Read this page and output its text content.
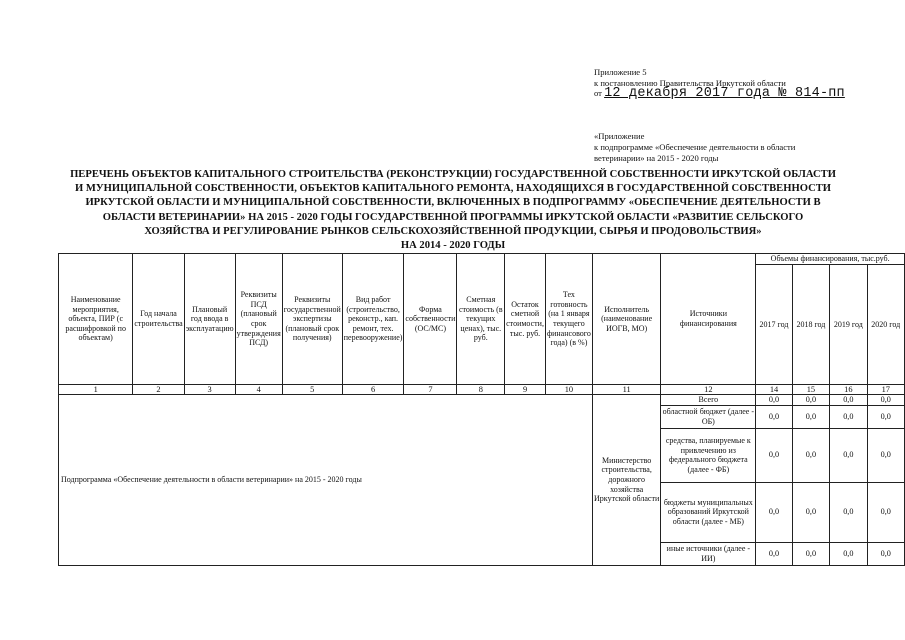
Приложение 5
к постановлению Правительства Иркутской области
от 12 декабря 2017 года № 814-пп
«Приложение
к подпрограмме «Обеспечение деятельности в области
ветеринарии» на 2015 - 2020 годы
ПЕРЕЧЕНЬ ОБЪЕКТОВ КАПИТАЛЬНОГО СТРОИТЕЛЬСТВА (РЕКОНСТРУКЦИИ) ГОСУДАРСТВЕННОЙ СОБСТВЕННОСТИ ИРКУТСКОЙ ОБЛАСТИ
И МУНИЦИПАЛЬНОЙ СОБСТВЕННОСТИ, ОБЪЕКТОВ КАПИТАЛЬНОГО РЕМОНТА, НАХОДЯЩИХСЯ В ГОСУДАРСТВЕННОЙ СОБСТВЕННОСТИ
ИРКУТСКОЙ ОБЛАСТИ И МУНИЦИПАЛЬНОЙ СОБСТВЕННОСТИ, ВКЛЮЧЕННЫХ В ПОДПРОГРАММУ «ОБЕСПЕЧЕНИЕ ДЕЯТЕЛЬНОСТИ В
ОБЛАСТИ ВЕТЕРИНАРИИ» НА 2015 - 2020 ГОДЫ ГОСУДАРСТВЕННОЙ ПРОГРАММЫ ИРКУТСКОЙ ОБЛАСТИ «РАЗВИТИЕ СЕЛЬСКОГО
ХОЗЯЙСТВА И РЕГУЛИРОВАНИЕ РЫНКОВ СЕЛЬСКОХОЗЯЙСТВЕННОЙ ПРОДУКЦИИ, СЫРЬЯ И ПРОДОВОЛЬСТВИЯ»
НА 2014 - 2020 ГОДЫ
Наименование мероприятия, объекта, ПИР (с расшифровкой по объектам)	Год начала строительства	Плановый год ввода в эксплуатацию	Реквизиты ПСД (плановый срок утверждения ПСД)	Реквизиты государственной экспертизы (плановый срок получения)	Вид работ (строительство, реконстр., кап. ремонт, тех. перевооружение)	Форма собственности (ОС/МС)	Сметная стоимость (в текущих ценах), тыс. руб.	Остаток сметной стоимости, тыс. руб.	Тех готовность (на 1 января текущего финансового года) (в %)	Исполнитель (наименование ИОГВ, МО)	Источники финансирования	Объемы финансирования, тыс.руб.			
												2017 год	2018 год	2019 год	2020 год
1	2	3	4	5	6	7	8	9	10	11	12	14	15	16	17
Подпрограмма «Обеспечение деятельности в области ветеринарии» на 2015 - 2020 годы										Министерство строительства, дорожного хозяйства Иркутской области	Всего	0,0	0,0	0,0	0,0
											областной бюджет (далее - ОБ)	0,0	0,0	0,0	0,0
											средства, планируемые к привлечению из федерального бюджета (далее - ФБ)	0,0	0,0	0,0	0,0
											бюджеты муниципальных образований Иркутской области (далее - МБ)	0,0	0,0	0,0	0,0
											иные источники (далее - ИИ)	0,0	0,0	0,0	0,0
